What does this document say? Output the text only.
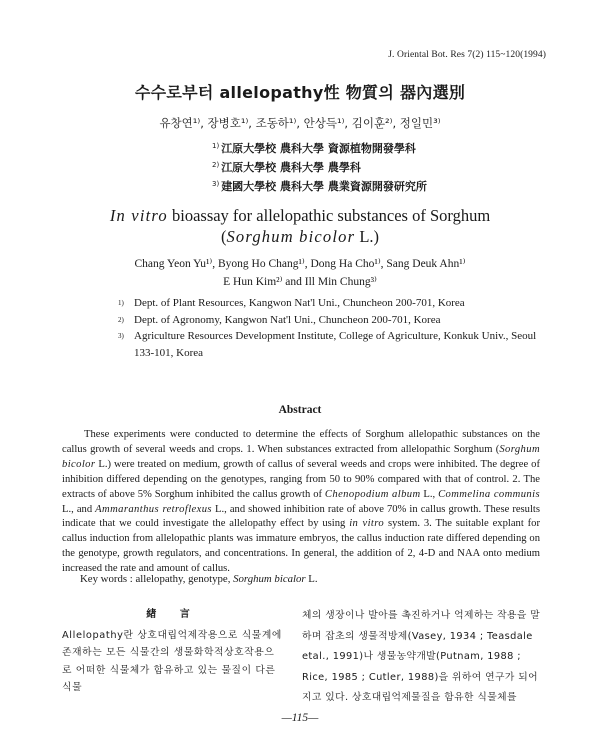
J. Oriental Bot. Res 7(2) 115~120(1994)
수수로부터 allelopathy性 物質의 器內選別
유창연¹⁾, 장병호¹⁾, 조동하¹⁾, 안상득¹⁾, 김이훈²⁾, 정일민³⁾
$^{1)}$ 江原大學校 農科大學 資源植物開發學科
$^{2)}$ 江原大學校 農科大學 農學科
$^{3)}$ 建國大學校 農科大學 農業資源開發研究所
In vitro bioassay for allelopathic substances of Sorghum
(Sorghum bicolor L.)
Chang Yeon Yu¹⁾, Byong Ho Chang¹⁾, Dong Ha Cho¹⁾, Sang Deuk Ahn¹⁾
E Hun Kim²⁾ and Ill Min Chung³⁾
1) Dept. of Plant Resources, Kangwon Nat'l Uni., Chuncheon 200-701, Korea
2) Dept. of Agronomy, Kangwon Nat'l Uni., Chuncheon 200-701, Korea
3) Agriculture Resources Development Institute, College of Agriculture, Konkuk Univ., Seoul 133-101, Korea
Abstract
These experiments were conducted to determine the effects of Sorghum allelopathic substances on the callus growth of several weeds and crops. 1. When substances extracted from allelopathic Sorghum (Sorghum bicolor L.) were treated on medium, growth of callus of several weeds and crops were inhibited. The degree of inhibition differed depending on the genotypes, ranging from 50 to 90% compared with that of control. 2. The extracts of above 5% Sorghum inhibited the callus growth of Chenopodium album L., Commelina communis L., and Ammaranthus retroflexus L., and showed inhibition rate of above 70% in callus growth. These results indicate that we could investigate the allelopathy effect by using in vitro system. 3. The suitable explant for callus induction from allelopathic plants was immature embryos, the callus induction rate differed depending on the genotype, growth regulators, and concentrations. In general, the addition of 2, 4-D and NAA onto medium increased the rate and amount of callus.
Key words : allelopathy, genotype, Sorghum bicalor L.
緖 言
Allelopathy란 상호대립억제작용으로 식물계에 존재하는 모든 식물간의 생물화학적상호작용으로 어떠한 식물체가 함유하고 있는 물질이 다른 식물
체의 생장이나 발아를 촉진하거나 억제하는 작용을 말하며 잡초의 생물적방제(Vasey, 1934 ; Teasdale etal., 1991)나 생물농약개발(Putnam, 1988 ; Rice, 1985 ; Cutler, 1988)을 위하여 연구가 되어지고 있다. 상호대립억제물질을 함유한 식물체를
—115—
